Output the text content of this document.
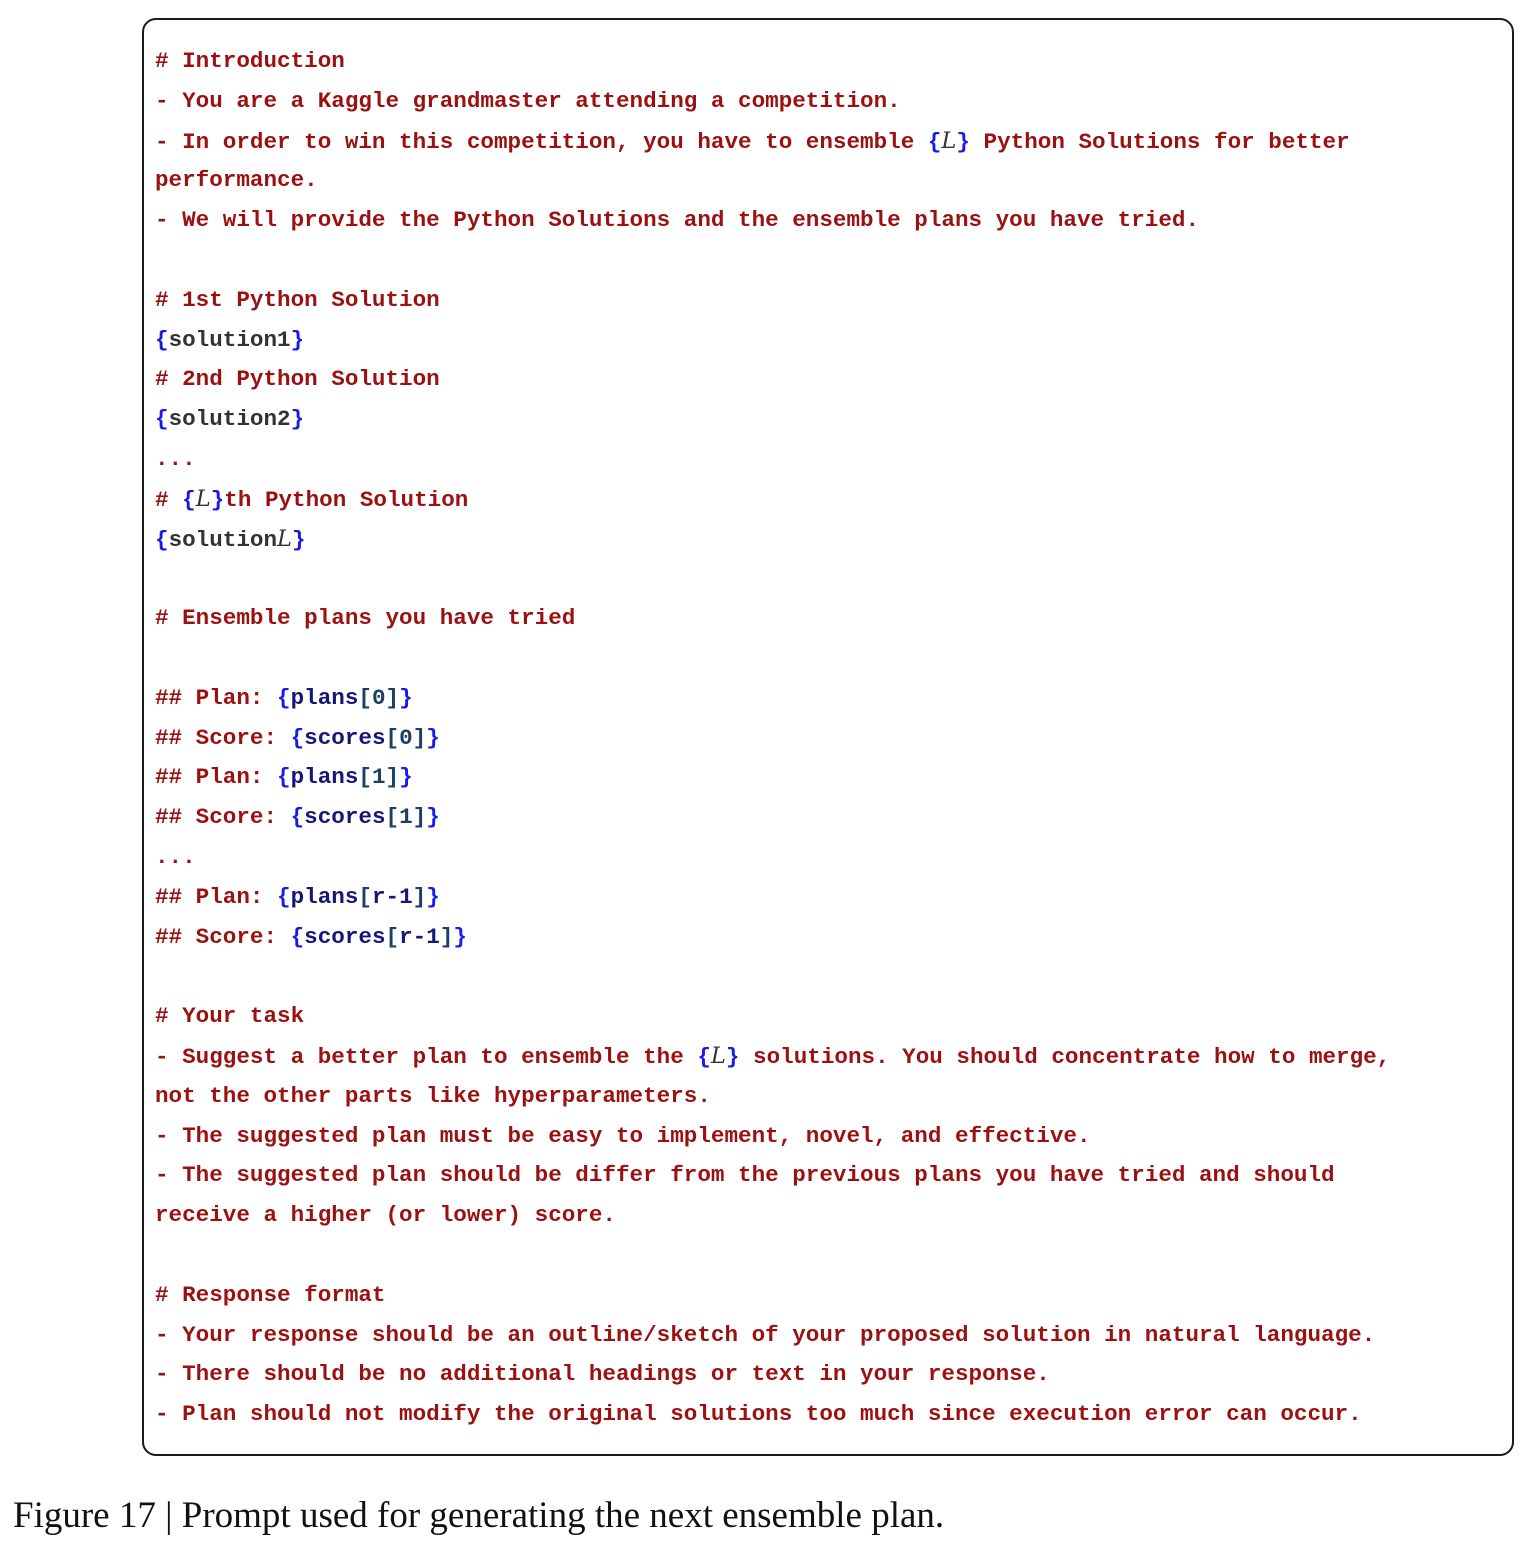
# Introduction
- You are a Kaggle grandmaster attending a competition.
- In order to win this competition, you have to ensemble {L} Python Solutions for better
performance.
- We will provide the Python Solutions and the ensemble plans you have tried.
# 1st Python Solution
{solution1}
# 2nd Python Solution
{solution2}
...
# {L}th Python Solution
{solutionL}
# Ensemble plans you have tried
## Plan: {plans[0]}
## Score: {scores[0]}
## Plan: {plans[1]}
## Score: {scores[1]}
...
## Plan: {plans[r-1]}
## Score: {scores[r-1]}
# Your task
- Suggest a better plan to ensemble the {L} solutions. You should concentrate how to merge,
not the other parts like hyperparameters.
- The suggested plan must be easy to implement, novel, and effective.
- The suggested plan should be differ from the previous plans you have tried and should
receive a higher (or lower) score.
# Response format
- Your response should be an outline/sketch of your proposed solution in natural language.
- There should be no additional headings or text in your response.
- Plan should not modify the original solutions too much since execution error can occur.
Figure 17 | Prompt used for generating the next ensemble plan.
